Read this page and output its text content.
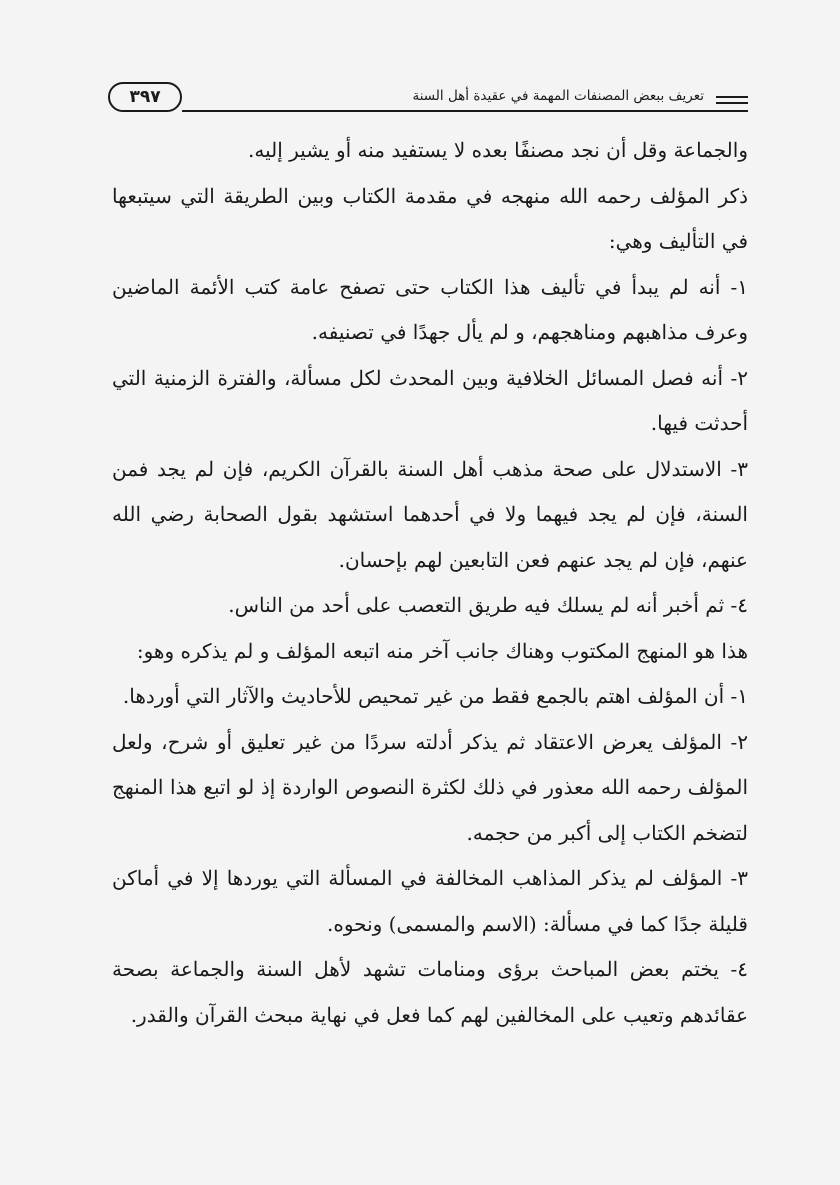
٣٩٧	تعريف ببعض المصنفات المهمة في عقيدة أهل السنة

والجماعة وقل أن نجد مصنفًا بعده لا يستفيد منه أو يشير إليه.

ذكر المؤلف رحمه الله منهجه في مقدمة الكتاب وبين الطريقة التي سيتبعها في التأليف وهي:

١- أنه لم يبدأ في تأليف هذا الكتاب حتى تصفح عامة كتب الأئمة الماضين وعرف مذاهبهم ومناهجهم، و لم يأل جهدًا في تصنيفه.

٢- أنه فصل المسائل الخلافية وبين المحدث لكل مسألة، والفترة الزمنية التي أحدثت فيها.

٣- الاستدلال على صحة مذهب أهل السنة بالقرآن الكريم، فإن لم يجد فمن السنة، فإن لم يجد فيهما ولا في أحدهما استشهد بقول الصحابة رضي الله عنهم، فإن لم يجد عنهم فعن التابعين لهم بإحسان.

٤- ثم أخبر أنه لم يسلك فيه طريق التعصب على أحد من الناس.

هذا هو المنهج المكتوب وهناك جانب آخر منه اتبعه المؤلف و لم يذكره وهو:

١- أن المؤلف اهتم بالجمع فقط من غير تمحيص للأحاديث والآثار التي أوردها.

٢- المؤلف يعرض الاعتقاد ثم يذكر أدلته سردًا من غير تعليق أو شرح، ولعل المؤلف رحمه الله معذور في ذلك لكثرة النصوص الواردة إذ لو اتبع هذا المنهج لتضخم الكتاب إلى أكبر من حجمه.

٣- المؤلف لم يذكر المذاهب المخالفة في المسألة التي يوردها إلا في أماكن قليلة جدًا كما في مسألة: (الاسم والمسمى) ونحوه.

٤- يختم بعض المباحث برؤى ومنامات تشهد لأهل السنة والجماعة بصحة عقائدهم وتعيب على المخالفين لهم كما فعل في نهاية مبحث القرآن والقدر.
